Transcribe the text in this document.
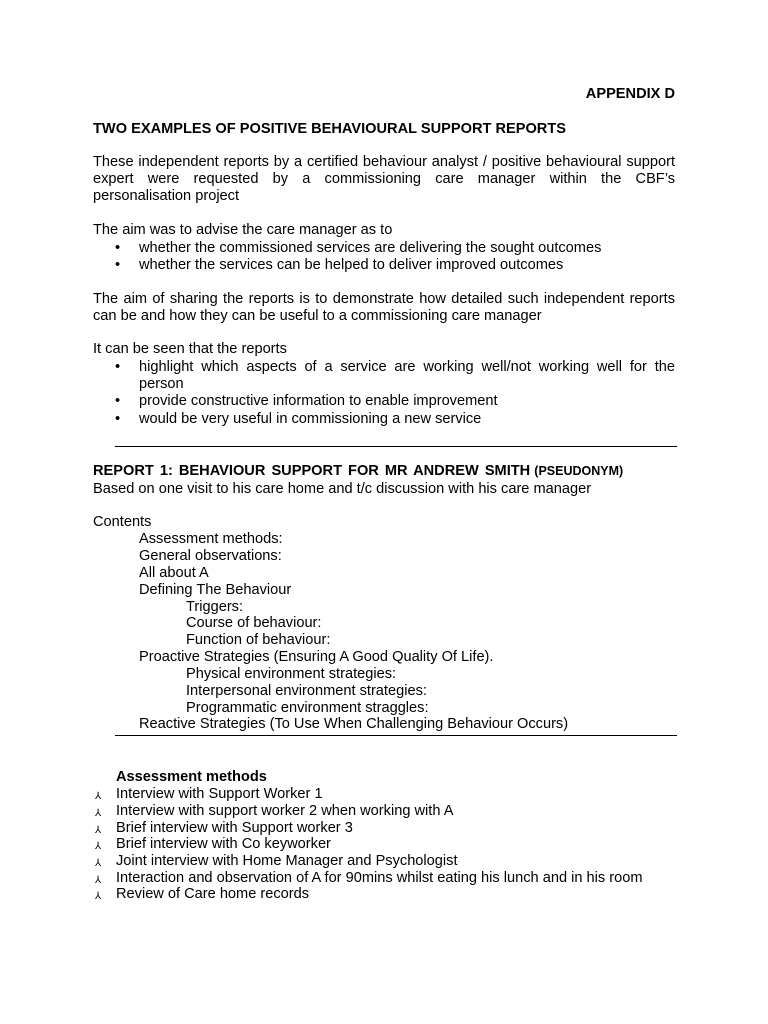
APPENDIX D
TWO EXAMPLES OF POSITIVE BEHAVIOURAL SUPPORT REPORTS
These independent reports by a certified behaviour analyst / positive behavioural support expert were requested by a commissioning care manager within the CBF’s personalisation project
The aim was to advise the care manager as to
• whether the commissioned services are delivering the sought outcomes
• whether the services can be helped to deliver improved outcomes
The aim of sharing the reports is to demonstrate how detailed such independent reports can be and how they can be useful to a commissioning care manager
It can be seen that the reports
• highlight which aspects of a service are working well/not working well for the
person
• provide constructive information to enable improvement
• would be very useful in commissioning a new service
REPORT 1: BEHAVIOUR SUPPORT FOR MR ANDREW SMITH (PSEUDONYM)
Based on one visit to his care home and t/c discussion with his care manager
Contents
Assessment methods:
General observations:
All about A
Defining The Behaviour
Triggers:
Course of behaviour:
Function of behaviour:
Proactive Strategies (Ensuring A Good Quality Of Life).
Physical environment strategies:
Interpersonal environment strategies:
Programmatic environment straggles:
Reactive Strategies (To Use When Challenging Behaviour Occurs)
Assessment methods
⅄ Interview with Support Worker 1
⅄ Interview with support worker 2 when working with A
⅄ Brief interview with Support worker 3
⅄ Brief interview with Co keyworker
⅄ Joint interview with Home Manager and Psychologist
⅄ Interaction and observation of A for 90mins whilst eating his lunch and in his room
⅄ Review of Care home records
